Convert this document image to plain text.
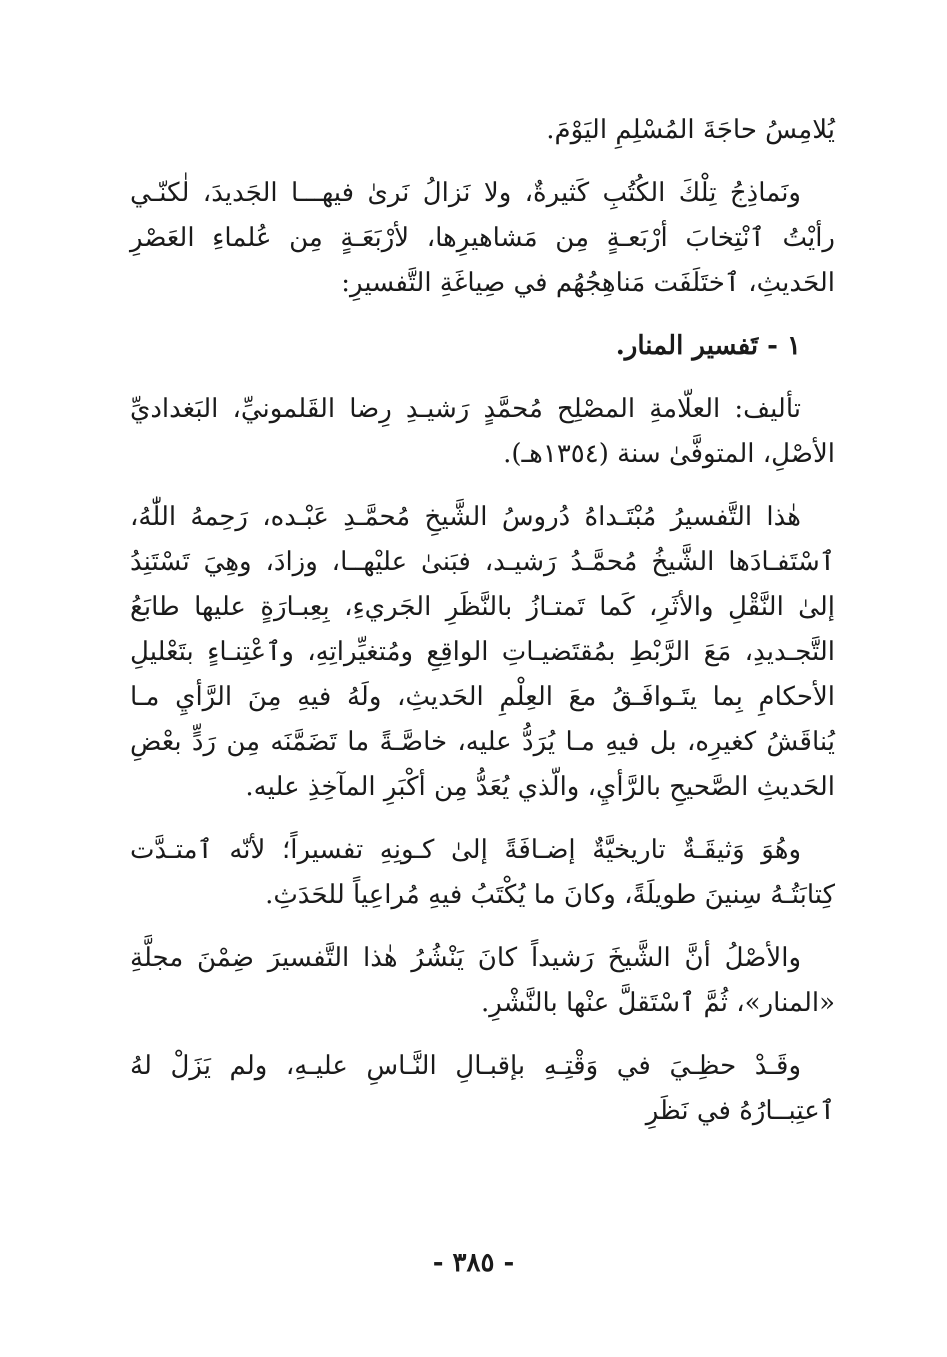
يُلامِسُ حاجَةَ المُسْلِمِ اليَوْمَ.

ونَماذِجُ تِلْكَ الكُتُبِ كَثيرةٌ، ولا نَزالُ نَرىٰ فيهـــا الجَديدَ، لٰكنّـي رأيْتُ ٱنْتِخابَ أرْبَعـةٍ مِن مَشاهيرِها، لأرْبَعَـةٍ مِن عُلماءِ العَصْرِ الحَديثِ، ٱختَلَفَت مَناهِجُهُم في صِياغَةِ التَّفسيرِ:

١ - تَفسير المنار.

تأليف: العلّامةِ المصْلِح مُحمَّدٍ رَشيـدِ رِضا القَلمونيِّ، البَغداديِّ الأصْلِ، المتوفَّىٰ سنة (١٣٥٤هـ).

هٰذا التَّفسيرُ مُبْتَـداهُ دُروسُ الشَّيخِ مُحمَّـدِ عَبْـده، رَحِمهُ اللّٰهُ، ٱسْتَفـادَها الشَّيخُ مُحمَّـدُ رَشيـد، فبَنىٰ عليْهــا، وزادَ، وهِيَ تَسْتَنِدُ إلىٰ النَّقْلِ والأثَرِ، كَما تَمتـازُ بالنَّظَرِ الجَريءِ، بِعِبـارَةٍ عليها طابَعُ التَّجـديدِ، مَعَ الرَّبْطِ بمُقتَضيـاتِ الواقِعِ ومُتغيِّراتِهِ، وٱعْتِنـاءٍ بتَعْليلِ الأحكامِ بِما يتَـوافَـقُ معَ العِلْمِ الحَديثِ، ولَهُ فيهِ مِنَ الرَّأيِ مـا يُناقَشُ كغيرِه، بل فيهِ مـا يُرَدُّ عليه، خاصَّـةً ما تَضَمَّنَه مِن رَدٍّ بعْضِ الحَديثِ الصَّحيحِ بالرَّأيِ، والّذي يُعَدُّ مِن أكْبَرِ المآخِذِ عليه.

وهُوَ وَثيقَـةٌ تاريخيَّةٌ إضـافَةً إلىٰ كـونِهِ تفسيراً؛ لأنّه ٱمتـدَّت كِتابَتُـهُ سِنينَ طويلَةً، وكانَ ما يُكْتَبُ فيهِ مُراعِياً للحَدَثِ.

والأصْلُ أنَّ الشَّيخَ رَشيداً كانَ يَنْشُرُ هٰذا التَّفسيرَ ضِمْنَ مجلَّةِ «المنار»، ثُمَّ ٱسْتَقلَّ عنْها بالنَّشْرِ.

وقَـدْ حظِـيَ في وَقْتِـهِ بإقبـالِ النَّـاسِ عليـهِ، ولم يَزَلْ لهُ ٱعتِبــارُهُ في نَظَرِ

- ٣٨٥ -
